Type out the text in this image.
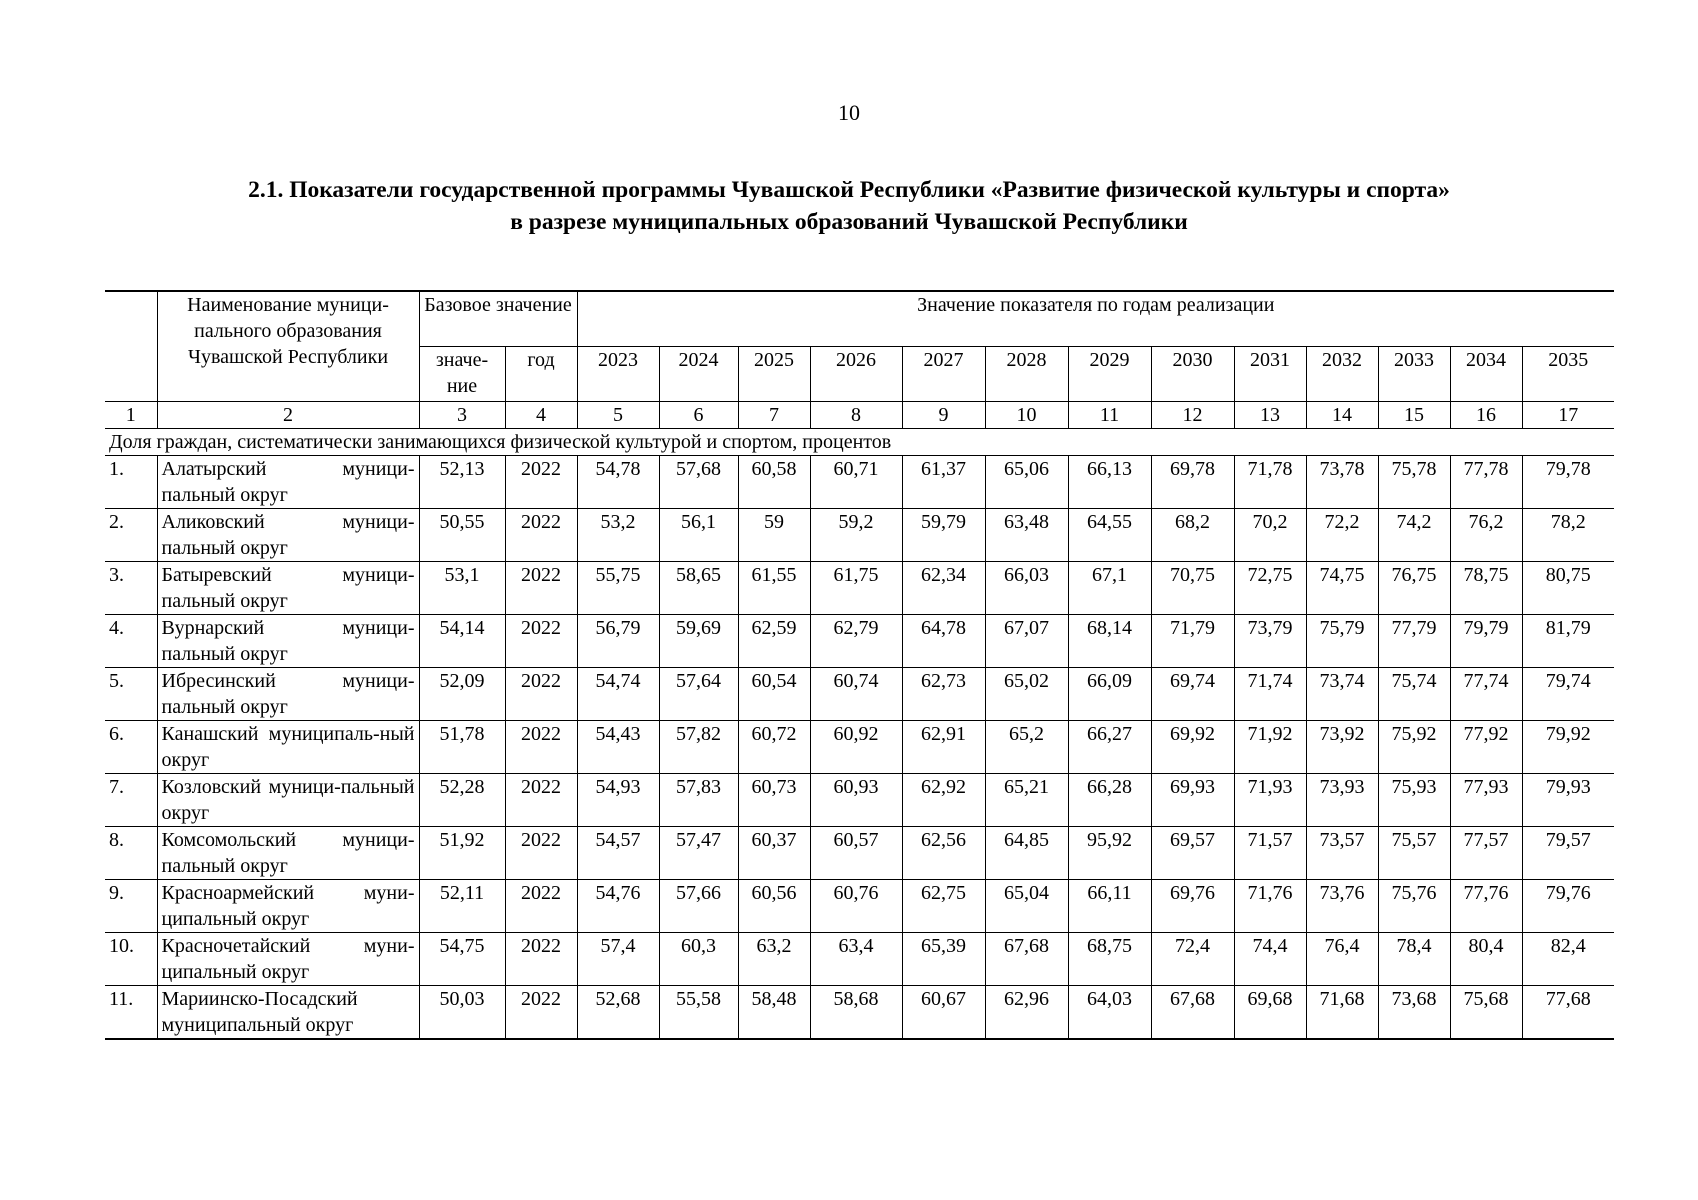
10
2.1. Показатели государственной программы Чувашской Республики «Развитие физической культуры и спорта»
в разрезе муниципальных образований Чувашской Республики
	Наименование муници-пального образования Чувашской Республики	Базовое значение		Значение показателя по годам реализации												
		значе-ние	год	2023	2024	2025	2026	2027	2028	2029	2030	2031	2032	2033	2034	2035
1	2	3	4	5	6	7	8	9	10	11	12	13	14	15	16	17
Доля граждан, систематически занимающихся физической культурой и спортом, процентов																
1.	Алатырский муници-пальный округ	52,13	2022	54,78	57,68	60,58	60,71	61,37	65,06	66,13	69,78	71,78	73,78	75,78	77,78	79,78
2.	Аликовский муници-пальный округ	50,55	2022	53,2	56,1	59	59,2	59,79	63,48	64,55	68,2	70,2	72,2	74,2	76,2	78,2
3.	Батыревский муници-пальный округ	53,1	2022	55,75	58,65	61,55	61,75	62,34	66,03	67,1	70,75	72,75	74,75	76,75	78,75	80,75
4.	Вурнарский муници-пальный округ	54,14	2022	56,79	59,69	62,59	62,79	64,78	67,07	68,14	71,79	73,79	75,79	77,79	79,79	81,79
5.	Ибресинский муници-пальный округ	52,09	2022	54,74	57,64	60,54	60,74	62,73	65,02	66,09	69,74	71,74	73,74	75,74	77,74	79,74
6.	Канашский муниципаль-ный округ	51,78	2022	54,43	57,82	60,72	60,92	62,91	65,2	66,27	69,92	71,92	73,92	75,92	77,92	79,92
7.	Козловский муници-пальный округ	52,28	2022	54,93	57,83	60,73	60,93	62,92	65,21	66,28	69,93	71,93	73,93	75,93	77,93	79,93
8.	Комсомольский муници-пальный округ	51,92	2022	54,57	57,47	60,37	60,57	62,56	64,85	95,92	69,57	71,57	73,57	75,57	77,57	79,57
9.	Красноармейский муни-ципальный округ	52,11	2022	54,76	57,66	60,56	60,76	62,75	65,04	66,11	69,76	71,76	73,76	75,76	77,76	79,76
10.	Красночетайский муни-ципальный округ	54,75	2022	57,4	60,3	63,2	63,4	65,39	67,68	68,75	72,4	74,4	76,4	78,4	80,4	82,4
11.	Мариинско-Посадский муниципальный округ	50,03	2022	52,68	55,58	58,48	58,68	60,67	62,96	64,03	67,68	69,68	71,68	73,68	75,68	77,68
